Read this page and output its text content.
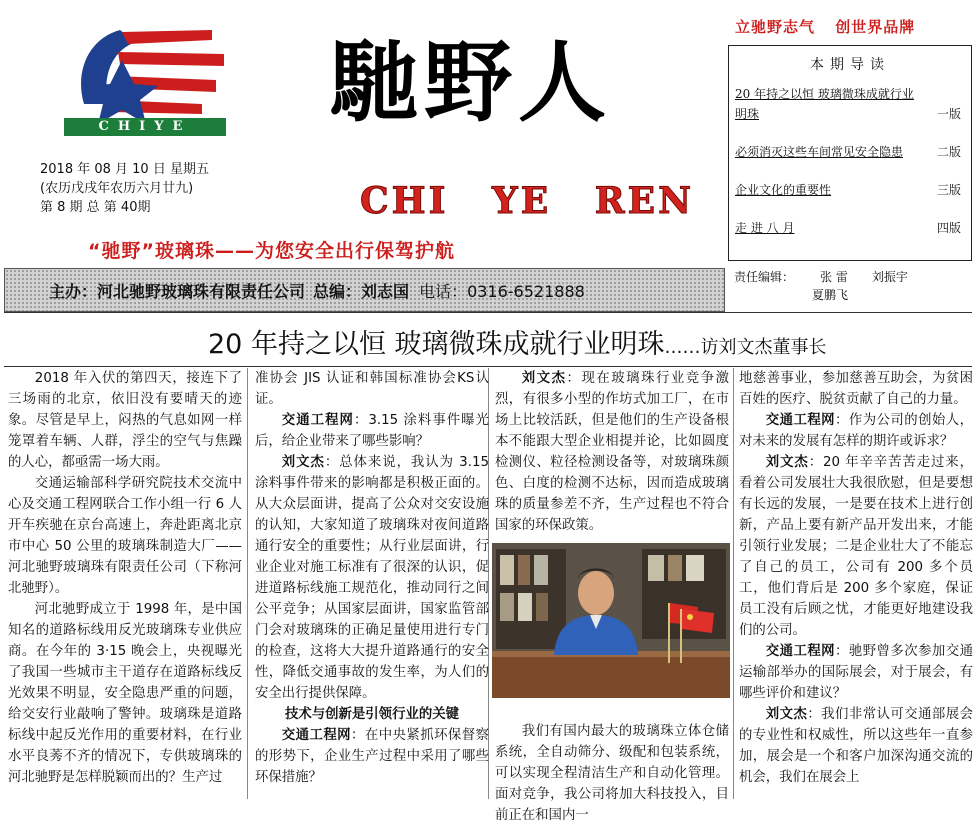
CHIYE	馳野人
CHI YE REN
立驰野志气 创世界品牌
2018 年 08 月 10 日 星期五
(农历戊戌年农历六月廿九)
第 8 期 总 第 40期
“驰野”玻璃珠——为您安全出行保驾护航
本期导读
20 年持之以恒 玻璃微珠成就行业
明珠	一版
必须消灭这些车间常见安全隐患	二版
企业文化的重要性	三版
走 进 八 月	四版
主办： 河北驰野玻璃珠有限责任公司 总编： 刘志国 电话：0316-6521888
责任编辑： 张 雷　　刘振宇
夏鹏飞
20 年持之以恒 玻璃微珠成就行业明珠……访刘文杰董事长

2018 年入伏的第四天，接连下了三场雨的北京，依旧没有要晴天的迹象。尽管是早上，闷热的气息如网一样笼罩着车辆、人群，浮尘的空气与焦躁的人心，都亟需一场大雨。

交通运输部科学研究院技术交流中心及交通工程网联合工作小组一行 6 人开车疾驰在京台高速上，奔赴距离北京市中心 50 公里的玻璃珠制造大厂——河北驰野玻璃珠有限责任公司（下称河北驰野）。

河北驰野成立于 1998 年，是中国知名的道路标线用反光玻璃珠专业供应商。在今年的 3·15 晚会上，央视曝光了我国一些城市主干道存在道路标线反光效果不明显，安全隐患严重的问题，给交安行业敲响了警钟。玻璃珠是道路标线中起反光作用的重要材料，在行业水平良莠不齐的情况下，专供玻璃珠的河北驰野是怎样脱颖而出的？生产过

准协会 JIS 认证和韩国标准协会KS认证。

交通工程网：3.15 涂料事件曝光后，给企业带来了哪些影响？

刘文杰：总体来说，我认为 3.15 涂料事件带来的影响都是积极正面的。从大众层面讲，提高了公众对交安设施的认知，大家知道了玻璃珠对夜间道路通行安全的重要性；从行业层面讲，行业企业对施工标准有了很深的认识，促进道路标线施工规范化，推动同行之间公平竞争；从国家层面讲，国家监管部门会对玻璃珠的正确足量使用进行专门的检查，这将大大提升道路通行的安全性，降低交通事故的发生率，为人们的安全出行提供保障。

技术与创新是引领行业的关键

交通工程网：在中央紧抓环保督察的形势下，企业生产过程中采用了哪些环保措施？

刘文杰：现在玻璃珠行业竞争激烈，有很多小型的作坊式加工厂，在市场上比较活跃，但是他们的生产设备根本不能跟大型企业相提并论，比如圆度检测仪、粒径检测设备等，对玻璃珠颜色、白度的检测不达标，因而造成玻璃珠的质量参差不齐，生产过程也不符合国家的环保政策。

我们有国内最大的玻璃珠立体仓储系统，全自动筛分、级配和包装系统，可以实现全程清洁生产和自动化管理。面对竞争，我公司将加大科技投入，目前正在和国内一

地慈善事业，参加慈善互助会，为贫困百姓的医疗、脱贫贡献了自己的力量。

交通工程网：作为公司的创始人，对未来的发展有怎样的期许或诉求？

刘文杰：20 年辛辛苦苦走过来，看着公司发展壮大我很欣慰，但是要想有长远的发展，一是要在技术上进行创新，产品上要有新产品开发出来，才能引领行业发展；二是企业壮大了不能忘了自己的员工，公司有 200 多个员工，他们背后是 200 多个家庭，保证员工没有后顾之忧，才能更好地建设我们的公司。

交通工程网：驰野曾多次参加交通运输部举办的国际展会，对于展会，有哪些评价和建议？

刘文杰：我们非常认可交通部展会的专业性和权威性，所以这些年一直参加，展会是一个和客户加深沟通交流的机会，我们在展会上
